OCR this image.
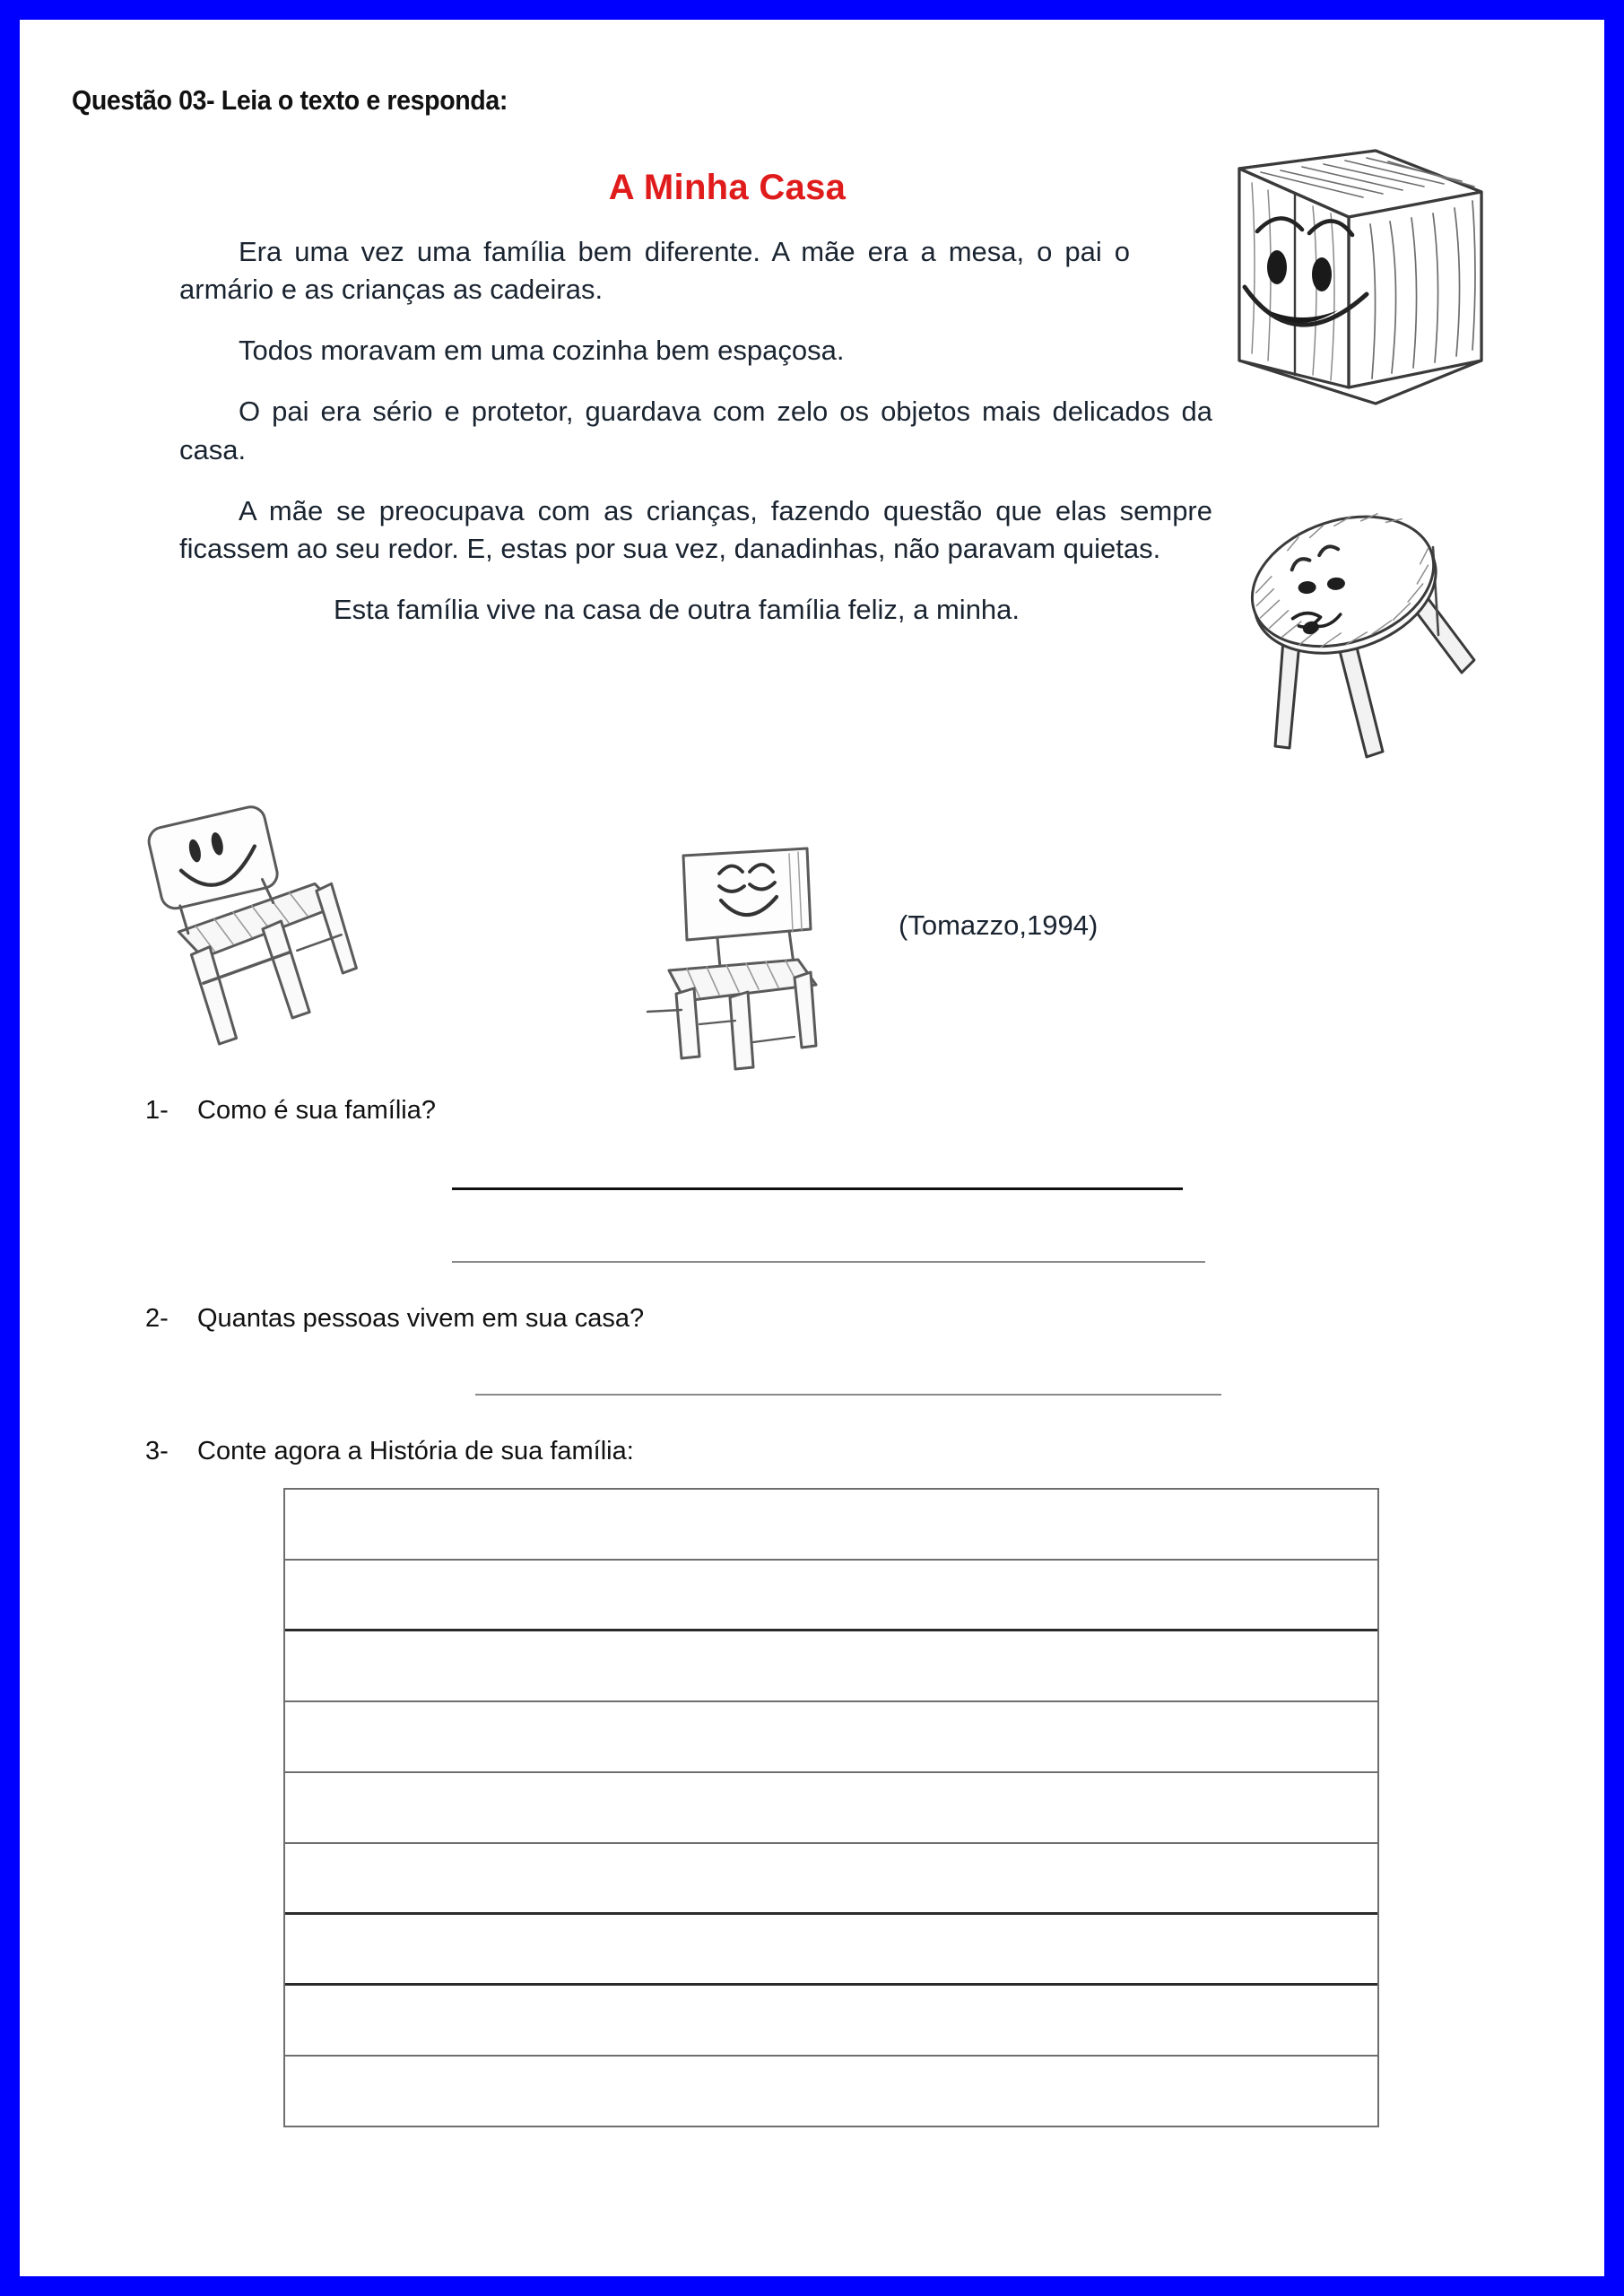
Questão 03- Leia o texto e responda:
A Minha Casa

Era uma vez uma família bem diferente. A mãe era a mesa, o pai o armário e as crianças as cadeiras.

Todos moravam em uma cozinha bem espaçosa.

O pai era sério e protetor, guardava com zelo os objetos mais delicados da casa.

A mãe se preocupava com as crianças, fazendo questão que elas sempre ficassem ao seu redor. E, estas por sua vez, danadinhas, não paravam quietas.

Esta família vive na casa de outra família feliz, a minha.

(Tomazzo,1994)
1- Como é sua família?
2- Quantas pessoas vivem em sua casa?
3- Conte agora a História de sua família:
